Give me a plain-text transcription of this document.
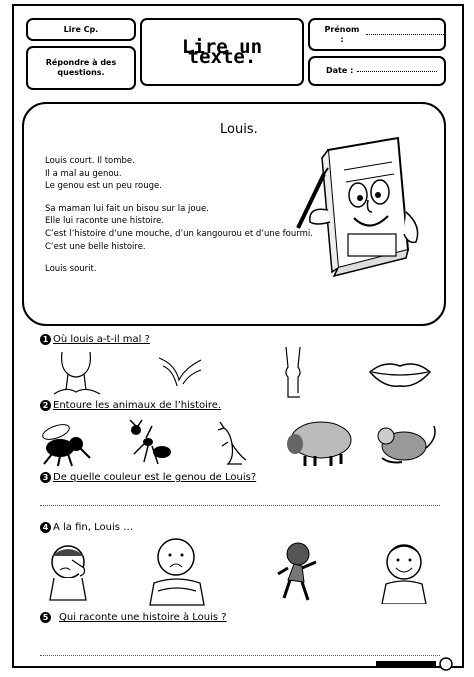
Lire Cp.
Répondre à des questions.
Lire un texte.
Prénom :
Date :
Louis.
Louis court. Il tombe.
Il a mal au genou.
Le genou est un peu rouge.
Sa maman lui fait un bisou sur la joue.
Elle lui raconte une histoire.
C’est l’histoire d’une mouche, d’un kangourou et d’une fourmi.
C’est une belle histoire.
Louis sourit.
1 Où louis a-t-il mal ?
2 Entoure les animaux de l’histoire.
3 De quelle couleur est le genou de Louis?
4 A la fin, Louis …
5 Qui raconte une histoire à Louis ?
